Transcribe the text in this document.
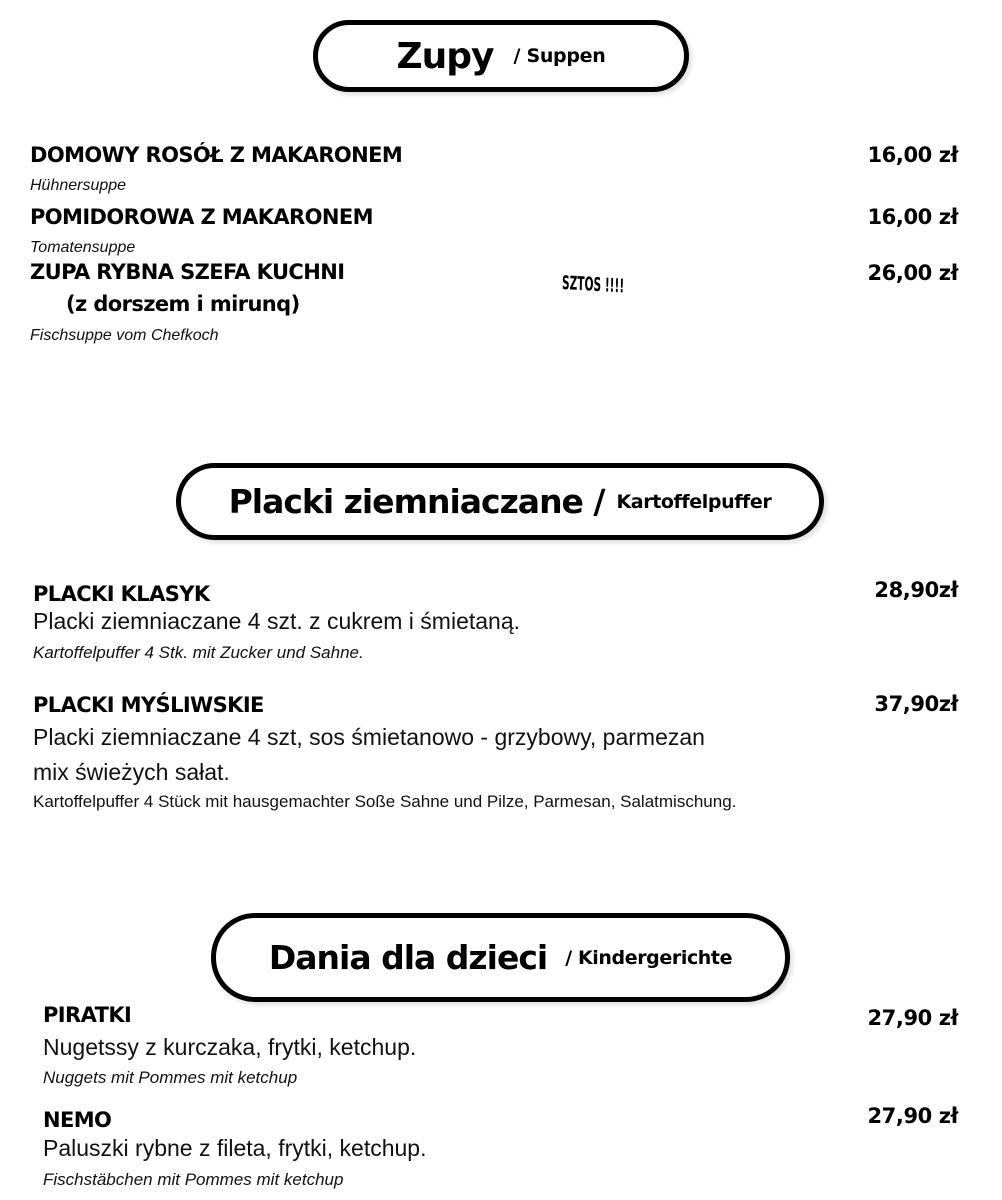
Zupy / Suppen
DOMOWY ROSÓŁ Z MAKARONEM	16,00 zł
Hühnersuppe
POMIDOROWA Z MAKARONEM	16,00 zł
Tomatensuppe
ZUPA RYBNA SZEFA KUCHNI
(z dorszem i mirunq)
SZTOS !!!!	26,00 zł
Fischsuppe vom Chefkoch
Placki ziemniaczane / Kartoffelpuffer
PLACKI KLASYK	28,90zł
Placki ziemniaczane 4 szt. z cukrem i śmietaną.
Kartoffelpuffer 4 Stk. mit Zucker und Sahne.
PLACKI MYŚLIWSKIE	37,90zł
Placki ziemniaczane 4 szt, sos śmietanowo - grzybowy, parmezan
mix świeżych sałat.
Kartoffelpuffer 4 Stück mit hausgemachter Soße Sahne und Pilze, Parmesan, Salatmischung.
Dania dla dzieci / Kindergerichte
PIRATKI	27,90 zł
Nugetssy z kurczaka, frytki, ketchup.
Nuggets mit Pommes mit ketchup
NEMO	27,90 zł
Paluszki rybne z fileta, frytki, ketchup.
Fischstäbchen mit Pommes mit ketchup
